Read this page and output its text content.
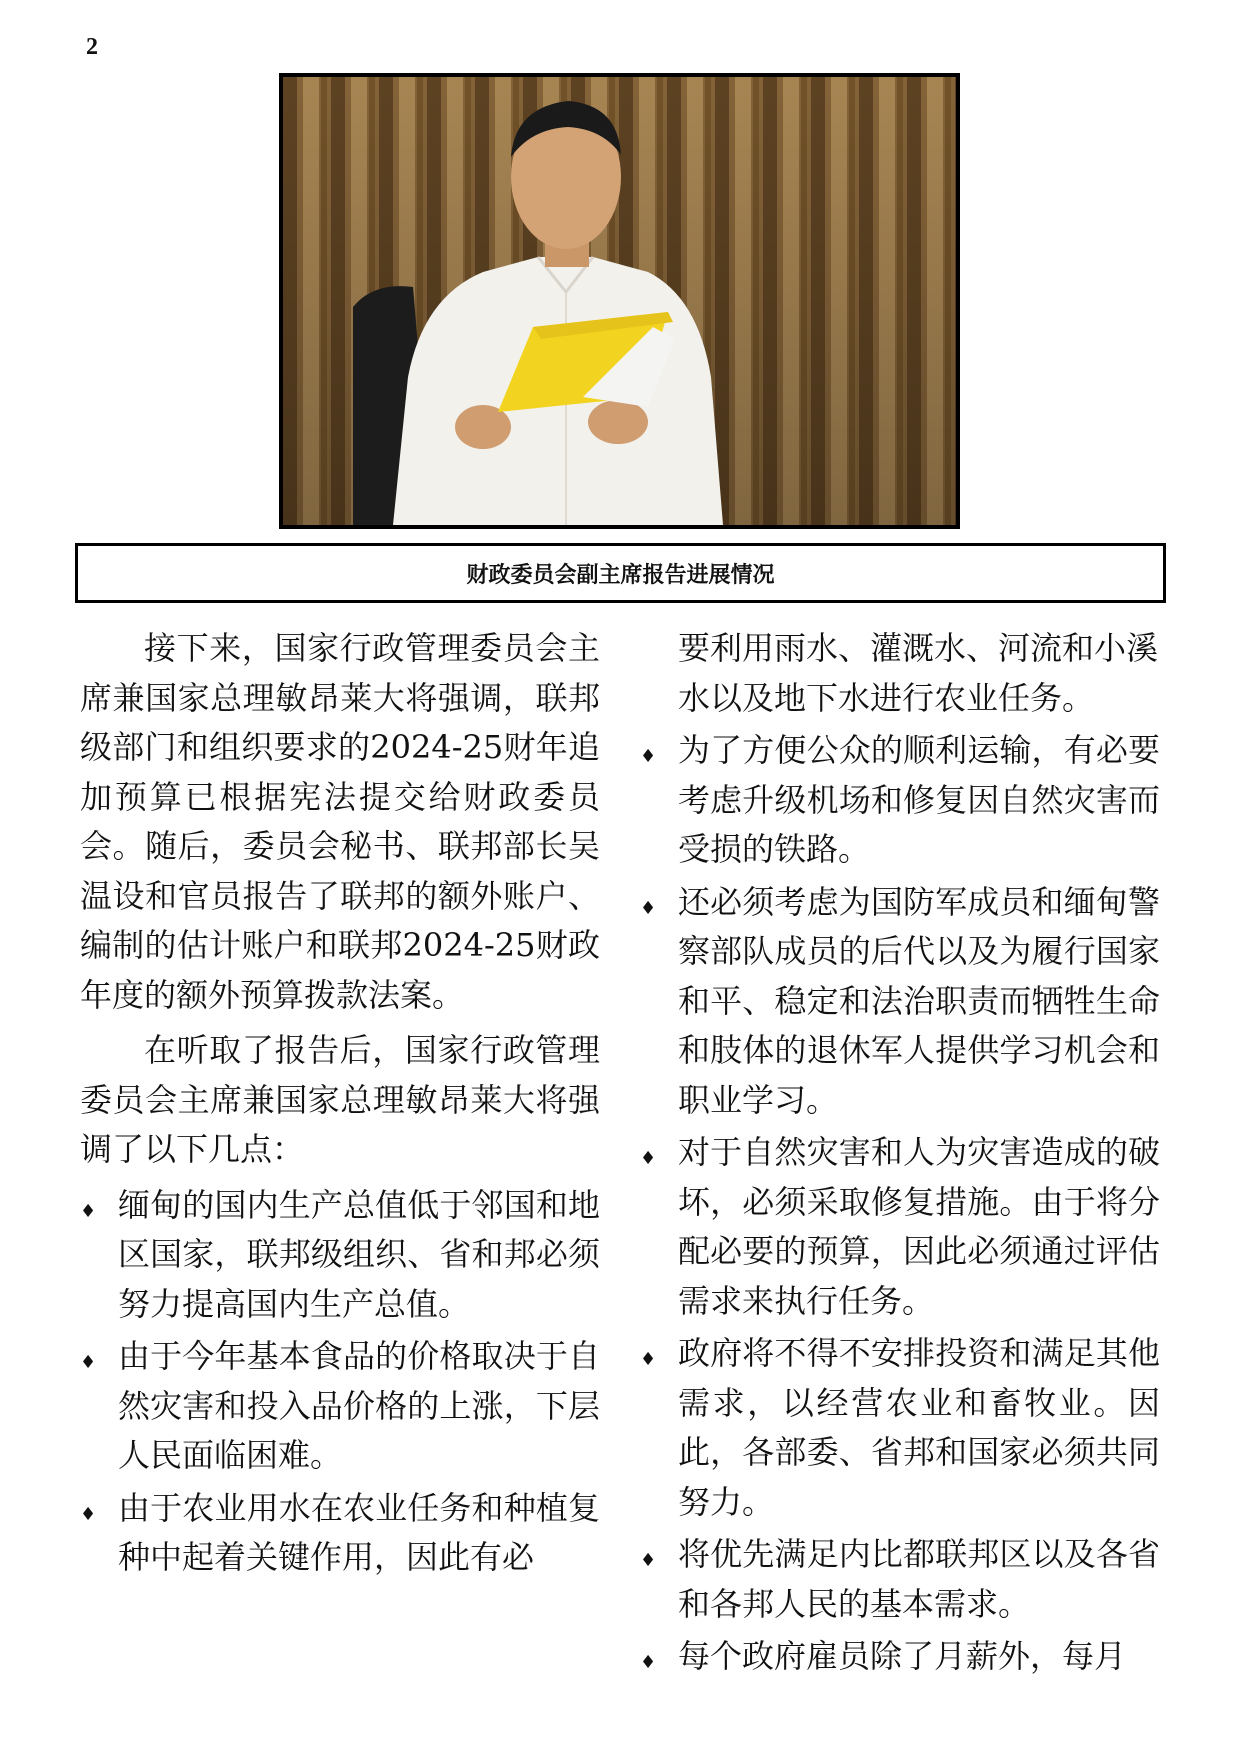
2
财政委员会副主席报告进展情况

接下来，国家行政管理委员会主席兼国家总理敏昂莱大将强调，联邦级部门和组织要求的2024-25财年追加预算已根据宪法提交给财政委员会。随后，委员会秘书、联邦部长吴温设和官员报告了联邦的额外账户、编制的估计账户和联邦2024-25财政年度的额外预算拨款法案。

在听取了报告后，国家行政管理委员会主席兼国家总理敏昂莱大将强调了以下几点：

♦ 缅甸的国内生产总值低于邻国和地区国家，联邦级组织、省和邦必须努力提高国内生产总值。
♦ 由于今年基本食品的价格取决于自然灾害和投入品价格的上涨，下层人民面临困难。
♦ 由于农业用水在农业任务和种植复种中起着关键作用，因此有必
要利用雨水、灌溉水、河流和小溪水以及地下水进行农业任务。
♦ 为了方便公众的顺利运输，有必要考虑升级机场和修复因自然灾害而受损的铁路。
♦ 还必须考虑为国防军成员和缅甸警察部队成员的后代以及为履行国家和平、稳定和法治职责而牺牲生命和肢体的退休军人提供学习机会和职业学习。
♦ 对于自然灾害和人为灾害造成的破坏，必须采取修复措施。由于将分配必要的预算，因此必须通过评估需求来执行任务。
♦ 政府将不得不安排投资和满足其他需求，以经营农业和畜牧业。因此，各部委、省邦和国家必须共同努力。
♦ 将优先满足内比都联邦区以及各省和各邦人民的基本需求。
♦ 每个政府雇员除了月薪外，每月
